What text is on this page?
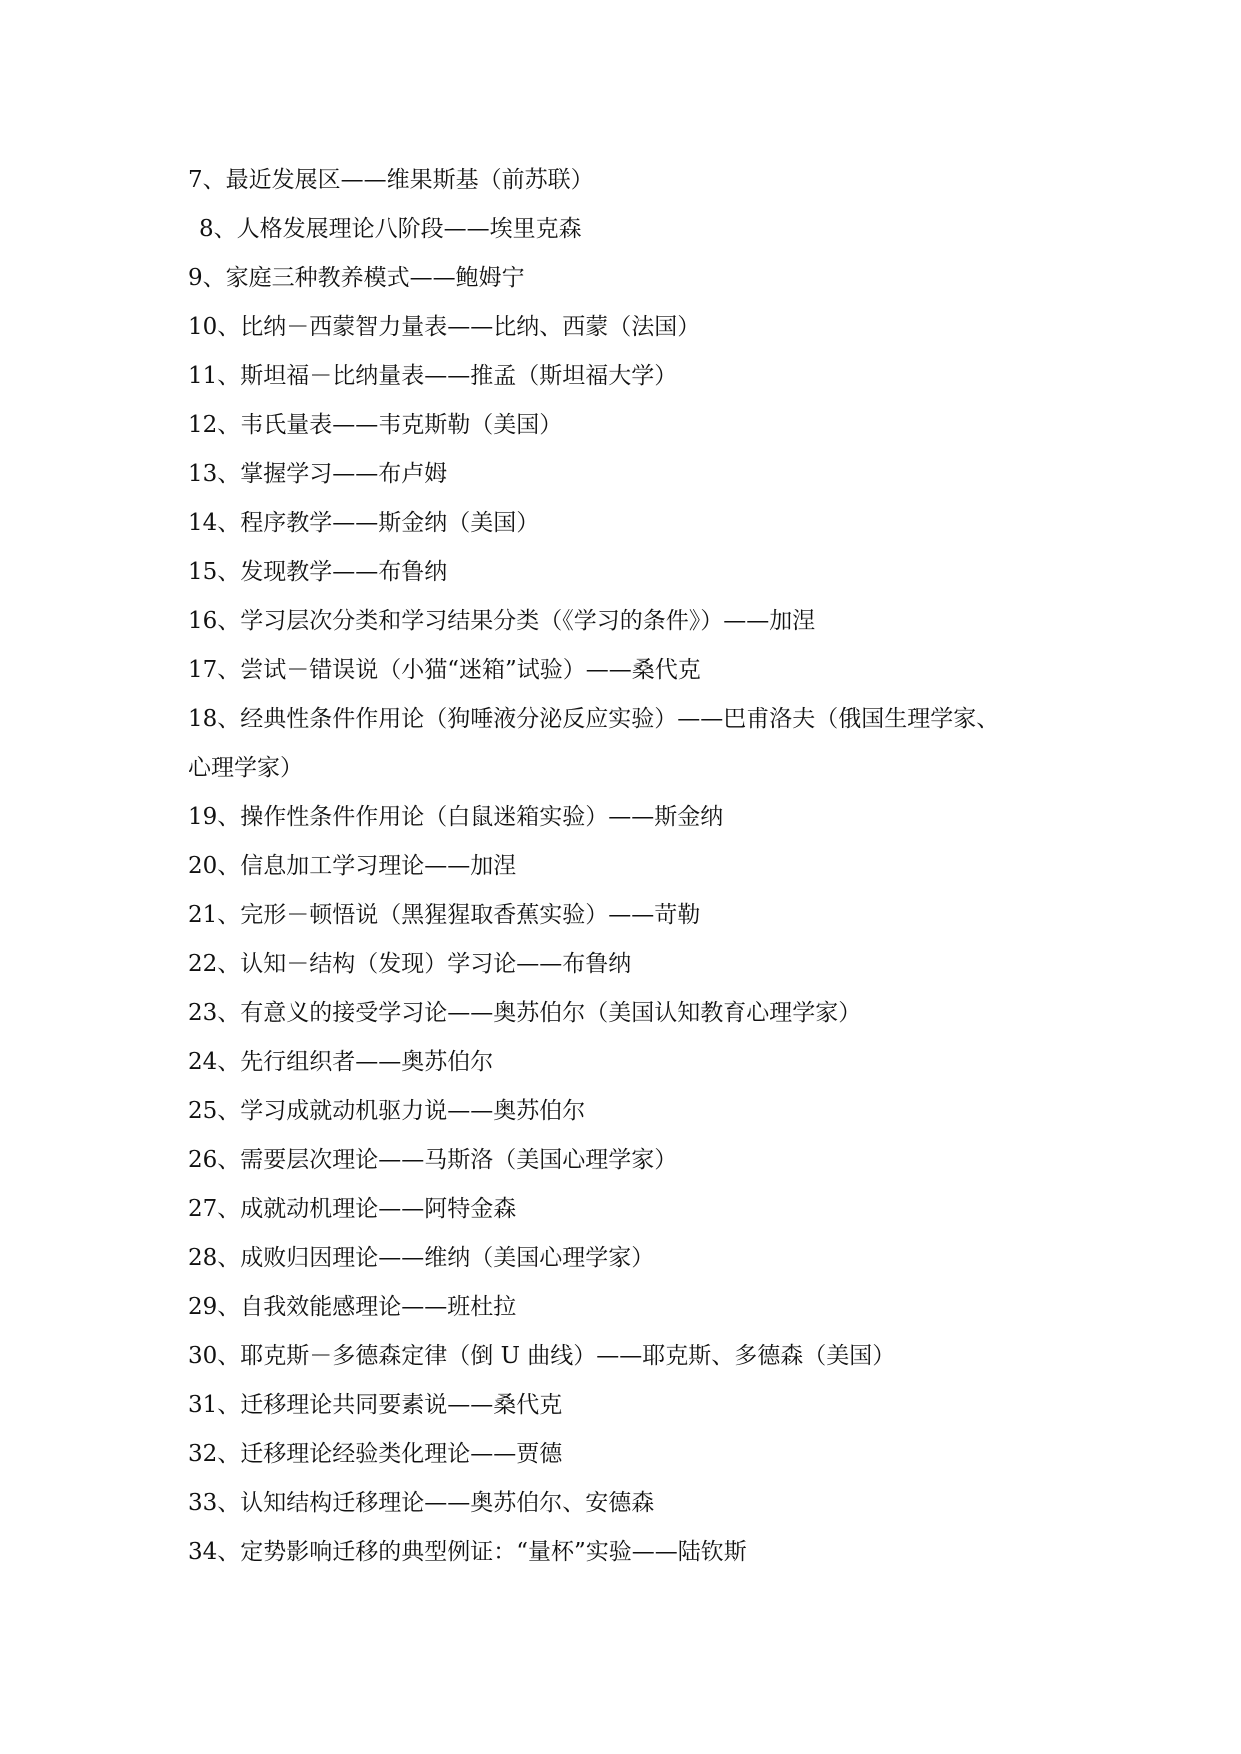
7、最近发展区——维果斯基（前苏联）
8、人格发展理论八阶段——埃里克森
9、家庭三种教养模式——鲍姆宁
10、比纳－西蒙智力量表——比纳、西蒙（法国）
11、斯坦福－比纳量表——推孟（斯坦福大学）
12、韦氏量表——韦克斯勒（美国）
13、掌握学习——布卢姆
14、程序教学——斯金纳（美国）
15、发现教学——布鲁纳
16、学习层次分类和学习结果分类（《学习的条件》）——加涅
17、尝试－错误说（小猫“迷箱”试验）——桑代克
18、经典性条件作用论（狗唾液分泌反应实验）——巴甫洛夫（俄国生理学家、
心理学家）
19、操作性条件作用论（白鼠迷箱实验）——斯金纳
20、信息加工学习理论——加涅
21、完形－顿悟说（黑猩猩取香蕉实验）——苛勒
22、认知－结构（发现）学习论——布鲁纳
23、有意义的接受学习论——奥苏伯尔（美国认知教育心理学家）
24、先行组织者——奥苏伯尔
25、学习成就动机驱力说——奥苏伯尔
26、需要层次理论——马斯洛（美国心理学家）
27、成就动机理论——阿特金森
28、成败归因理论——维纳（美国心理学家）
29、自我效能感理论——班杜拉
30、耶克斯－多德森定律（倒 U 曲线）——耶克斯、多德森（美国）
31、迁移理论共同要素说——桑代克
32、迁移理论经验类化理论——贾德
33、认知结构迁移理论——奥苏伯尔、安德森
34、定势影响迁移的典型例证：“量杯”实验——陆钦斯
